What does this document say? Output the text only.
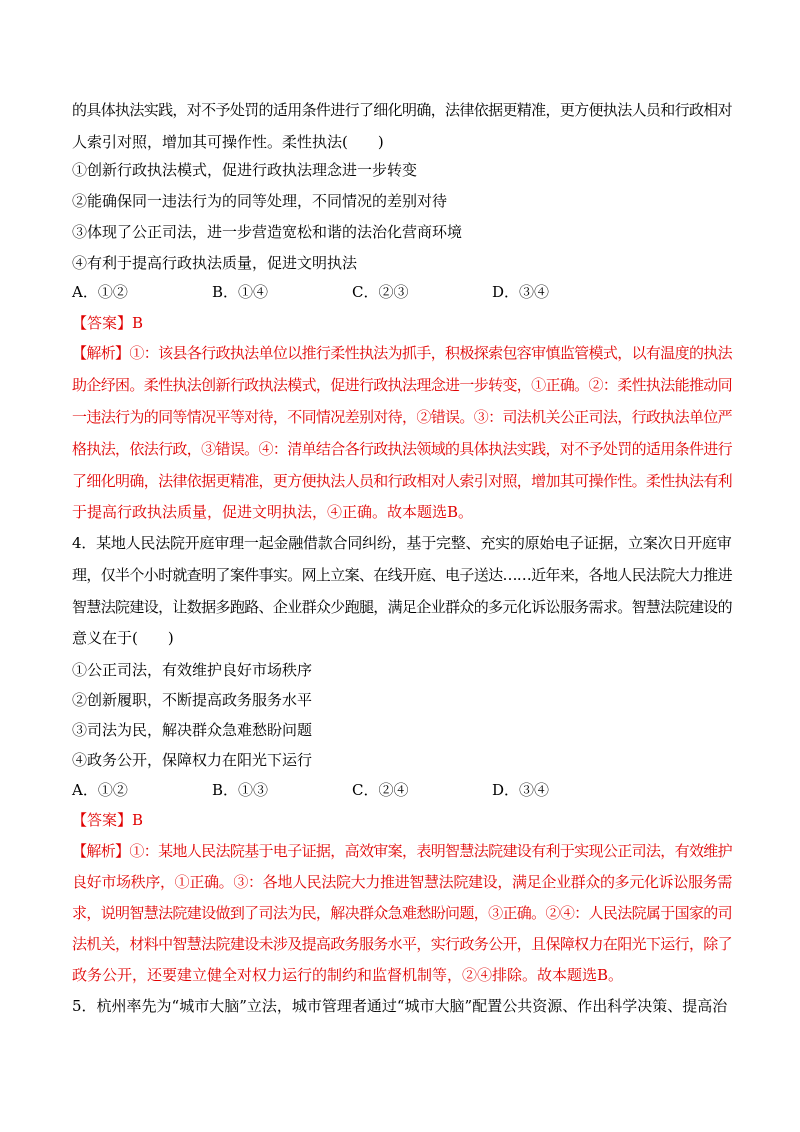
的具体执法实践，对不予处罚的适用条件进行了细化明确，法律依据更精准，更方便执法人员和行政相对
人索引对照，增加其可操作性。柔性执法(　　)
①创新行政执法模式，促进行政执法理念进一步转变
②能确保同一违法行为的同等处理，不同情况的差别对待
③体现了公正司法，进一步营造宽松和谐的法治化营商环境
④有利于提高行政执法质量，促进文明执法
A．①②	B．①④	C．②③	D．③④
【答案】B
【解析】①：该县各行政执法单位以推行柔性执法为抓手，积极探索包容审慎监管模式，以有温度的执法
助企纾困。柔性执法创新行政执法模式，促进行政执法理念进一步转变，①正确。②：柔性执法能推动同
一违法行为的同等情况平等对待，不同情况差别对待，②错误。③：司法机关公正司法，行政执法单位严
格执法，依法行政，③错误。④：清单结合各行政执法领域的具体执法实践，对不予处罚的适用条件进行
了细化明确，法律依据更精准，更方便执法人员和行政相对人索引对照，增加其可操作性。柔性执法有利
于提高行政执法质量，促进文明执法，④正确。故本题选B。
4．某地人民法院开庭审理一起金融借款合同纠纷，基于完整、充实的原始电子证据，立案次日开庭审
理，仅半个小时就查明了案件事实。网上立案、在线开庭、电子送达……近年来，各地人民法院大力推进
智慧法院建设，让数据多跑路、企业群众少跑腿，满足企业群众的多元化诉讼服务需求。智慧法院建设的
意义在于(　　)
①公正司法，有效维护良好市场秩序
②创新履职，不断提高政务服务水平
③司法为民，解决群众急难愁盼问题
④政务公开，保障权力在阳光下运行
A．①②	B．①③	C．②④	D．③④
【答案】B
【解析】①：某地人民法院基于电子证据，高效审案，表明智慧法院建设有利于实现公正司法，有效维护
良好市场秩序，①正确。③：各地人民法院大力推进智慧法院建设，满足企业群众的多元化诉讼服务需
求，说明智慧法院建设做到了司法为民，解决群众急难愁盼问题，③正确。②④：人民法院属于国家的司
法机关，材料中智慧法院建设未涉及提高政务服务水平，实行政务公开，且保障权力在阳光下运行，除了
政务公开，还要建立健全对权力运行的制约和监督机制等，②④排除。故本题选B。
5．杭州率先为“城市大脑”立法，城市管理者通过“城市大脑”配置公共资源、作出科学决策、提高治
